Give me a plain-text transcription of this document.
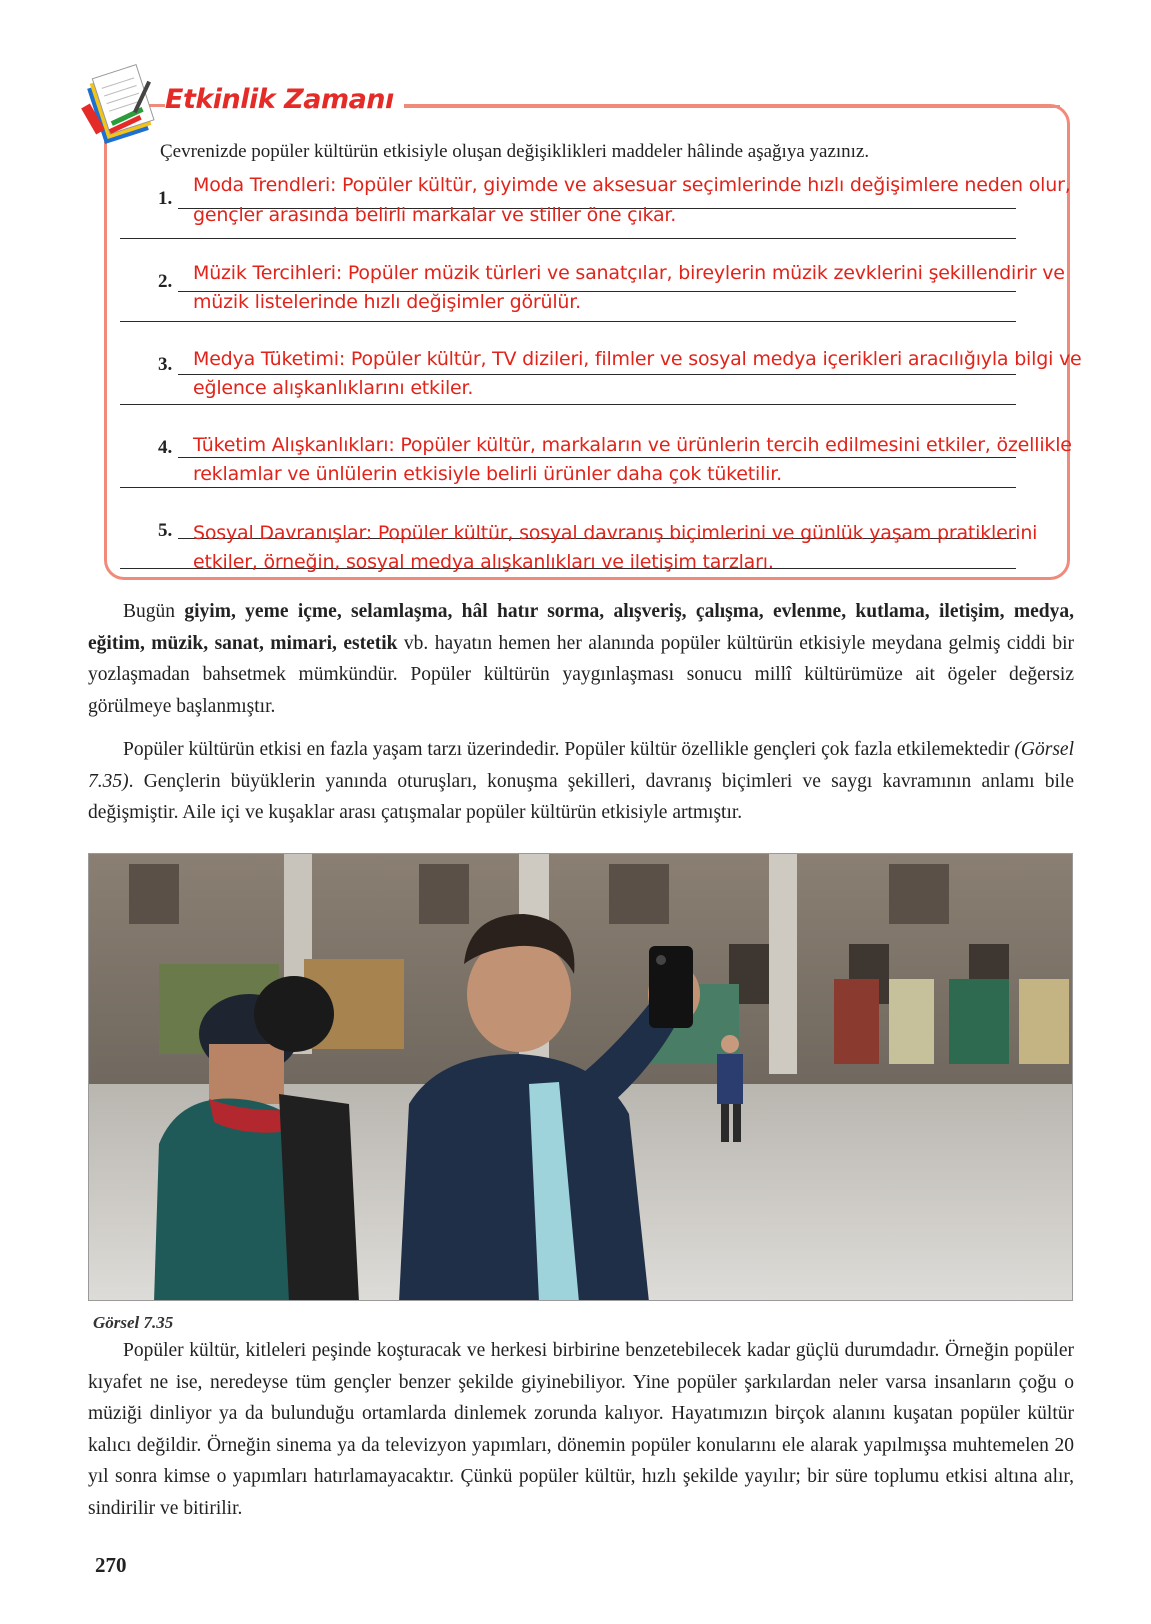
Etkinlik Zamanı
Çevrenizde popüler kültürün etkisiyle oluşan değişiklikleri maddeler hâlinde aşağıya yazınız.
1.
Moda Trendleri: Popüler kültür, giyimde ve aksesuar seçimlerinde hızlı değişimlere neden olur,
gençler arasında belirli markalar ve stiller öne çıkar.
2. Müzik Tercihleri: Popüler müzik türleri ve sanatçılar, bireylerin müzik zevklerini şekillendirir ve
müzik listelerinde hızlı değişimler görülür.
3. Medya Tüketimi: Popüler kültür, TV dizileri, filmler ve sosyal medya içerikleri aracılığıyla bilgi ve
eğlence alışkanlıklarını etkiler.
4. Tüketim Alışkanlıkları: Popüler kültür, markaların ve ürünlerin tercih edilmesini etkiler, özellikle
reklamlar ve ünlülerin etkisiyle belirli ürünler daha çok tüketilir.
5. Sosyal Davranışlar: Popüler kültür, sosyal davranış biçimlerini ve günlük yaşam pratiklerini
etkiler, örneğin, sosyal medya alışkanlıkları ve iletişim tarzları.

Bugün giyim, yeme içme, selamlaşma, hâl hatır sorma, alışveriş, çalışma, evlenme, kutlama, iletişim, medya, eğitim, müzik, sanat, mimari, estetik vb. hayatın hemen her alanında popüler kültürün etkisiyle meydana gelmiş ciddi bir yozlaşmadan bahsetmek mümkündür. Popüler kültürün yaygınlaşması sonucu millî kültürümüze ait ögeler değersiz görülmeye başlanmıştır.

Popüler kültürün etkisi en fazla yaşam tarzı üzerindedir. Popüler kültür özellikle gençleri çok fazla etkilemektedir (Görsel 7.35). Gençlerin büyüklerin yanında oturuşları, konuşma şekilleri, davranış biçimleri ve saygı kavramının anlamı bile değişmiştir. Aile içi ve kuşaklar arası çatışmalar popüler kültürün etkisiyle artmıştır.

Görsel 7.35

Popüler kültür, kitleleri peşinde koşturacak ve herkesi birbirine benzetebilecek kadar güçlü durumdadır. Örneğin popüler kıyafet ne ise, neredeyse tüm gençler benzer şekilde giyinebiliyor. Yine popüler şarkılardan neler varsa insanların çoğu o müziği dinliyor ya da bulunduğu ortamlarda dinlemek zorunda kalıyor. Hayatımızın birçok alanını kuşatan popüler kültür kalıcı değildir. Örneğin sinema ya da televizyon yapımları, dönemin popüler konularını ele alarak yapılmışsa muhtemelen 20 yıl sonra kimse o yapımları hatırlamayacaktır. Çünkü popüler kültür, hızlı şekilde yayılır; bir süre toplumu etkisi altına alır, sindirilir ve bitirilir.

270
